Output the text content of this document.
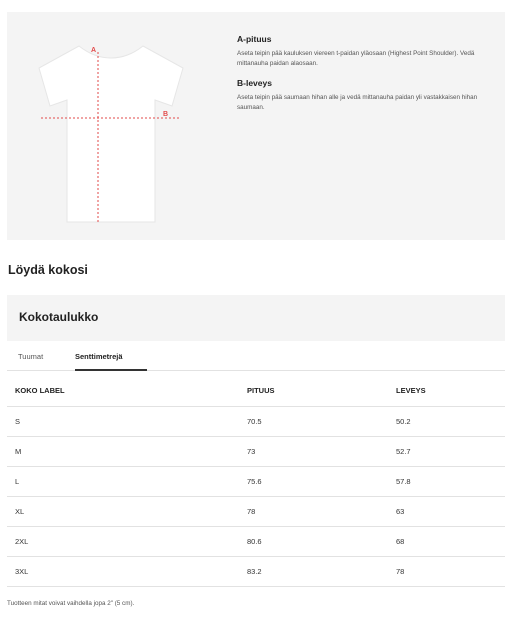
A
B
A-pituus
Aseta teipin pää kauluksen viereen t-paidan yläosaan (Highest Point Shoulder). Vedä mittanauha paidan alaosaan.
B-leveys
Aseta teipin pää saumaan hihan alle ja vedä mittanauha paidan yli vastakkaisen hihan saumaan.
Löydä kokosi
Kokotaulukko
Tuumat	Senttimetrejä
KOKO LABEL	PITUUS	LEVEYS
S	70.5	50.2
M	73	52.7
L	75.6	57.8
XL	78	63
2XL	80.6	68
3XL	83.2	78
Tuotteen mitat voivat vaihdella jopa 2" (5 cm).
